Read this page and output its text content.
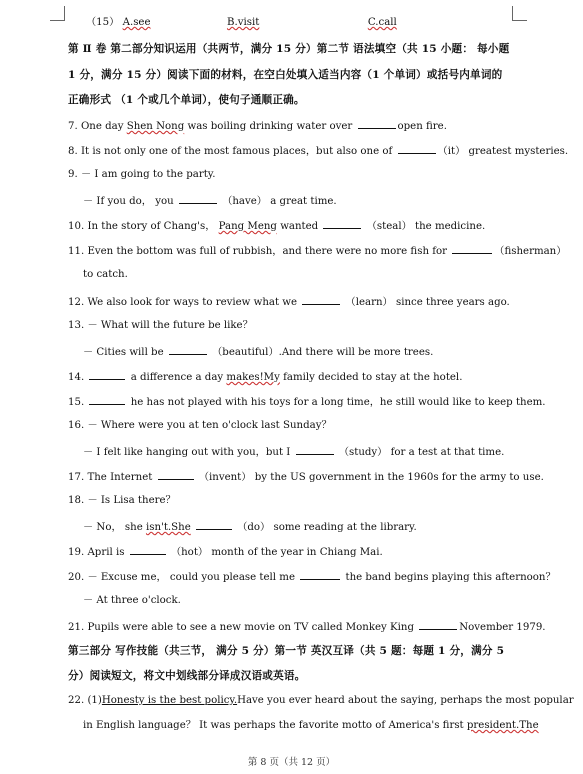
（15） A.see	B.visit	C.call
第 Ⅱ 卷 第二部分知识运用（共两节，满分 15 分）第二节 语法填空（共 15 小题： 每小题
1 分，满分 15 分）阅读下面的材料，在空白处填入适当内容（1 个单词）或括号内单词的
正确形式 （1 个或几个单词），使句子通顺正确。
7. One day Shen Nong was boiling drinking water over	open fire.
8. It is not only one of the most famous places，but also one of	（it） greatest mysteries.
9. － I am going to the party.
－ If you do， you	（have） a great time.
10. In the story of Chang's， Pang Meng wanted	（steal） the medicine.
11. Even the bottom was full of rubbish，and there were no more fish for	（fisherman）
to catch.
12. We also look for ways to review what we	（learn） since three years ago.
13. － What will the future be like？
－ Cities will be	（beautiful）.And there will be more trees.
14.	a difference a day makes!My family decided to stay at the hotel.
15.	he has not played with his toys for a long time，he still would like to keep them.
16. － Where were you at ten o'clock last Sunday？
－ I felt like hanging out with you，but I	（study） for a test at that time.
17. The Internet	（invent） by the US government in the 1960s for the army to use.
18. － Is Lisa there？
－ No， she isn't.She	（do） some reading at the library.
19. April is	（hot） month of the year in Chiang Mai.
20. － Excuse me， could you please tell me	the band begins playing this afternoon？
－ At three o'clock.
21. Pupils were able to see a new movie on TV called Monkey King	November 1979.
第三部分 写作技能（共三节， 满分 5 分）第一节 英汉互译（共 5 题：每题 1 分，满分 5
分）阅读短文，将文中划线部分译成汉语或英语。
22. (1)Honesty is the best policy.Have you ever heard about the saying, perhaps the most popular
in English language？ It was perhaps the favorite motto of America's first president.The
第 8 页（共 12 页）
